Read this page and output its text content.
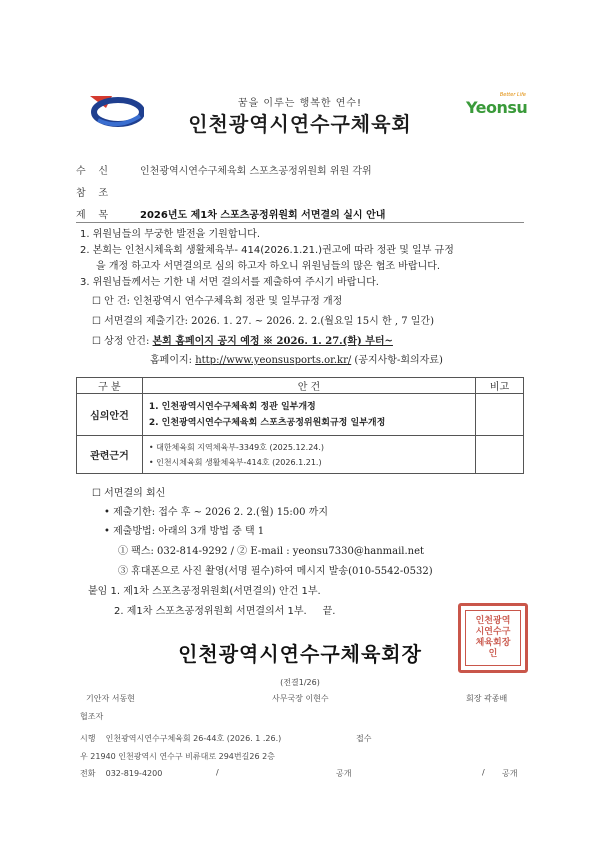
꿈을 이루는 행복한 연수!
인천광역시연수구체육회
Better Life
Yeonsu
수    신	인천광역시연수구체육회 스포츠공정위원회 위원 각위
참    조
제    목	2026년도 제1차 스포츠공정위원회 서면결의 실시 안내
1. 위원님들의 무궁한 발전을 기원합니다.
2. 본회는 인천시체육회 생활체육부- 414(2026.1.21.)권고에 따라 정관 및 일부 규정
을 개정 하고자 서면결의로 심의 하고자 하오니 위원님들의 많은 협조 바랍니다.
3. 위원님들께서는 기한 내 서면 결의서를 제출하여 주시기 바랍니다.
☐ 안 건: 인천광역시 연수구체육회 정관 및 일부규정 개정
☐ 서면결의 제출기간: 2026. 1. 27. ~ 2026. 2. 2.(월요일 15시 한 , 7 일간)
☐ 상정 안건: 본회 홈페이지 공지 예정 ※ 2026. 1. 27.(화) 부터~
홈페이지: http://www.yeonsusports.or.kr/ (공지사항-회의자료)
구 분	안 건	비고
심의안건	1. 인천광역시연수구체육회 정관 일부개정
2. 인천광역시연수구체육회 스포츠공정위원회규정 일부개정	

관련근거	• 대한체육회 지역체육부-3349호 (2025.12.24.)
• 인천시체육회 생활체육부-414호 (2026.1.21.)	

☐ 서면결의 회신
• 제출기한: 접수 후 ~ 2026 2. 2.(월) 15:00 까지
• 제출방법: 아래의 3개 방법 중 택 1
① 팩스: 032-814-9292 / ② E-mail : yeonsu7330@hanmail.net
③ 휴대폰으로 사진 촬영(서명 필수)하여 메시지 발송(010-5542-0532)
붙임 1. 제1차 스포츠공정위원회(서면결의) 안건 1부.
2. 제1차 스포츠공정위원회 서면결의서 1부.     끝.
인천광역시연수구체육회장
인천광역
시연수구
체육회장
인
(전결1/26)
기안자 서동현	사무국장 이현수	회장 곽종배
협조자
시행    인천광역시연수구체육회 26-44호 (2026. 1 .26.)	접수
우 21940 인천광역시 연수구 비류대로 294번길26 2층
전화    032-819-4200	/	공개	/ 공개
